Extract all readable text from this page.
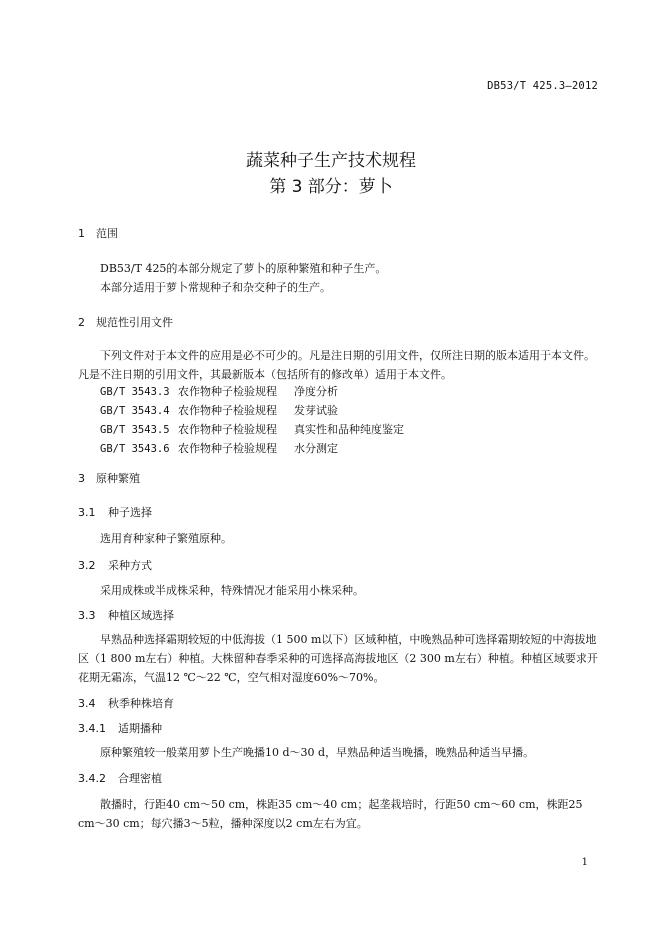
DB53/T 425.3—2012
蔬菜种子生产技术规程
第 3 部分：萝卜
1 范围
DB53/T 425的本部分规定了萝卜的原种繁殖和种子生产。
本部分适用于萝卜常规种子和杂交种子的生产。
2 规范性引用文件
下列文件对于本文件的应用是必不可少的。凡是注日期的引用文件，仅所注日期的版本适用于本文件。凡是不注日期的引用文件，其最新版本（包括所有的修改单）适用于本文件。
GB/T 3543.3 农作物种子检验规程 净度分析
GB/T 3543.4 农作物种子检验规程 发芽试验
GB/T 3543.5 农作物种子检验规程 真实性和品种纯度鉴定
GB/T 3543.6 农作物种子检验规程 水分测定
3 原种繁殖
3.1 种子选择
选用育种家种子繁殖原种。
3.2 采种方式
采用成株或半成株采种，特殊情况才能采用小株采种。
3.3 种植区域选择
早熟品种选择霜期较短的中低海拔（1 500 m以下）区域种植，中晚熟品种可选择霜期较短的中海拔地区（1 800 m左右）种植。大株留种春季采种的可选择高海拔地区（2 300 m左右）种植。种植区域要求开花期无霜冻，气温12 ℃～22 ℃，空气相对湿度60%～70%。
3.4 秋季种株培育
3.4.1 适期播种
原种繁殖较一般菜用萝卜生产晚播10 d～30 d，早熟品种适当晚播，晚熟品种适当早播。
3.4.2 合理密植
散播时，行距40 cm～50 cm，株距35 cm～40 cm；起垄栽培时，行距50 cm～60 cm，株距25 cm～30 cm；每穴播3～5粒，播种深度以2 cm左右为宜。
1
